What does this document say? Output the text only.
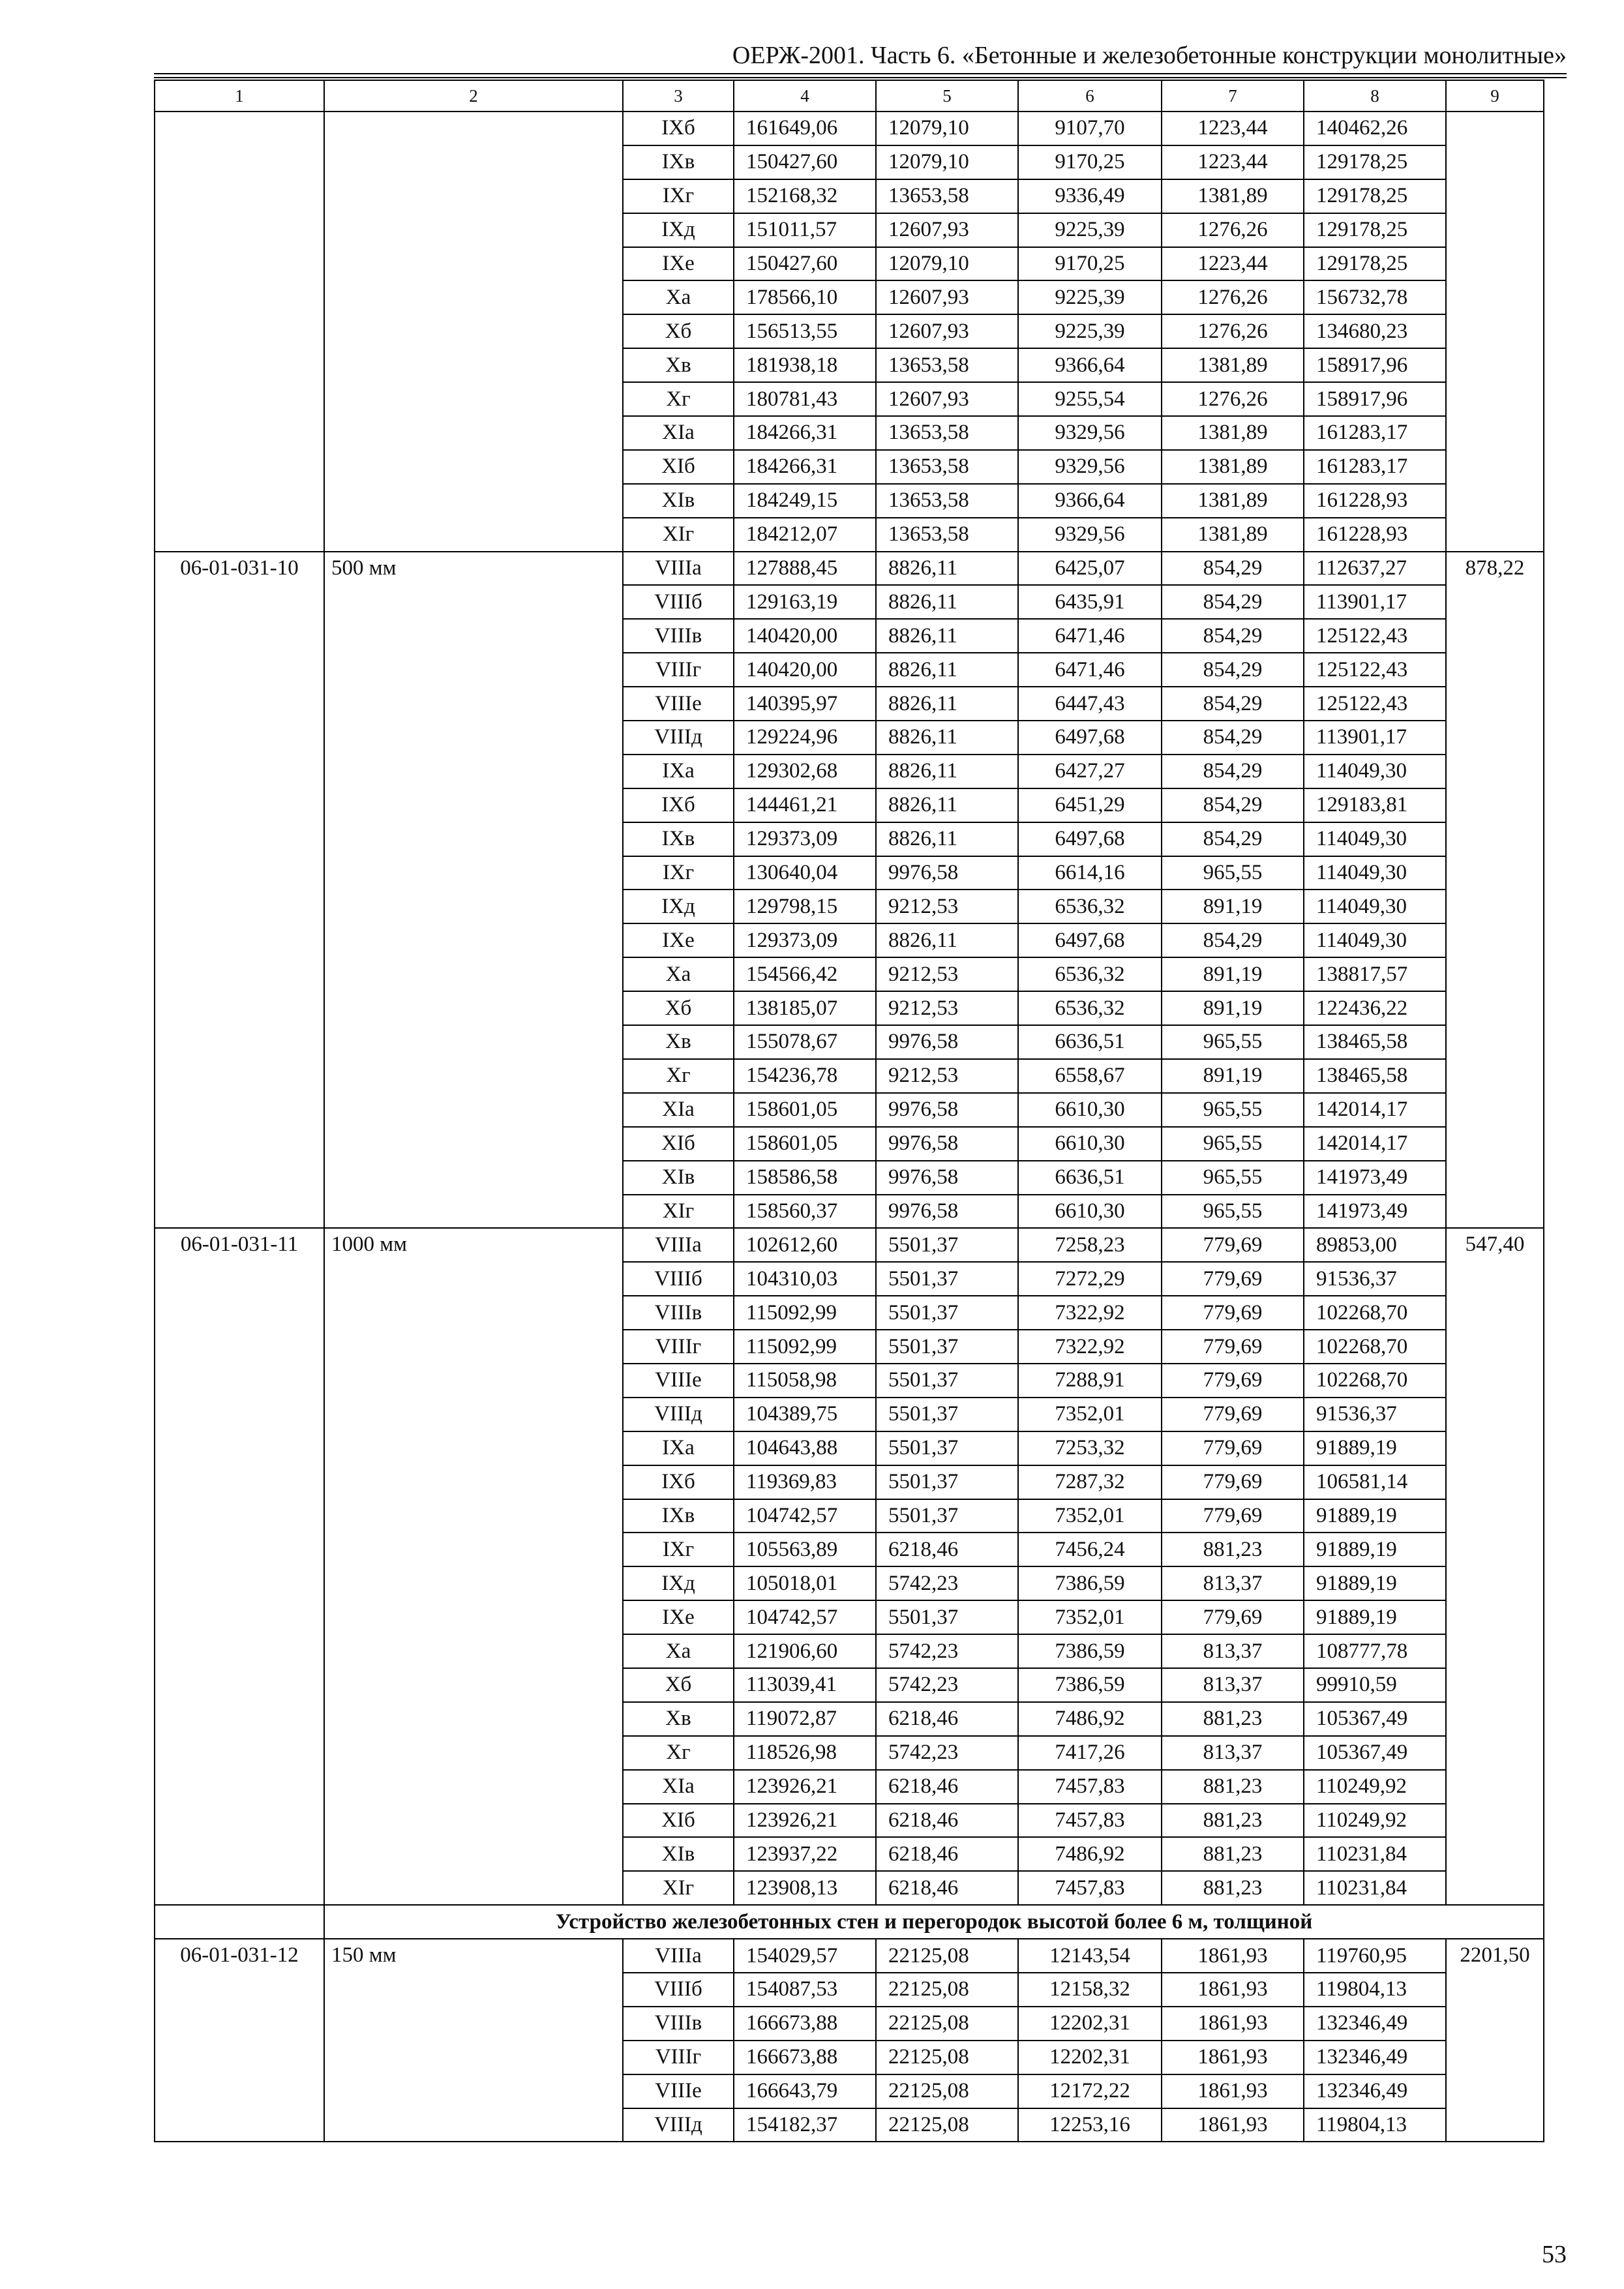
ОЕРЖ-2001. Часть 6. «Бетонные и железобетонные конструкции монолитные»
1	2	3	4	5	6	7	8	9
		IXб	161649,06	12079,10	9107,70	1223,44	140462,26	
		IXв	150427,60	12079,10	9170,25	1223,44	129178,25	
		IXг	152168,32	13653,58	9336,49	1381,89	129178,25	
		IXд	151011,57	12607,93	9225,39	1276,26	129178,25	
		IXе	150427,60	12079,10	9170,25	1223,44	129178,25	
		Xа	178566,10	12607,93	9225,39	1276,26	156732,78	
		Xб	156513,55	12607,93	9225,39	1276,26	134680,23	
		Xв	181938,18	13653,58	9366,64	1381,89	158917,96	
		Xг	180781,43	12607,93	9255,54	1276,26	158917,96	
		XIа	184266,31	13653,58	9329,56	1381,89	161283,17	
		XIб	184266,31	13653,58	9329,56	1381,89	161283,17	
		XIв	184249,15	13653,58	9366,64	1381,89	161228,93	
		XIг	184212,07	13653,58	9329,56	1381,89	161228,93	
06-01-031-10	500 мм	VIIIа	127888,45	8826,11	6425,07	854,29	112637,27	878,22
		VIIIб	129163,19	8826,11	6435,91	854,29	113901,17	
		VIIIв	140420,00	8826,11	6471,46	854,29	125122,43	
		VIIIг	140420,00	8826,11	6471,46	854,29	125122,43	
		VIIIе	140395,97	8826,11	6447,43	854,29	125122,43	
		VIIIд	129224,96	8826,11	6497,68	854,29	113901,17	
		IXа	129302,68	8826,11	6427,27	854,29	114049,30	
		IXб	144461,21	8826,11	6451,29	854,29	129183,81	
		IXв	129373,09	8826,11	6497,68	854,29	114049,30	
		IXг	130640,04	9976,58	6614,16	965,55	114049,30	
		IXд	129798,15	9212,53	6536,32	891,19	114049,30	
		IXе	129373,09	8826,11	6497,68	854,29	114049,30	
		Xа	154566,42	9212,53	6536,32	891,19	138817,57	
		Xб	138185,07	9212,53	6536,32	891,19	122436,22	
		Xв	155078,67	9976,58	6636,51	965,55	138465,58	
		Xг	154236,78	9212,53	6558,67	891,19	138465,58	
		XIа	158601,05	9976,58	6610,30	965,55	142014,17	
		XIб	158601,05	9976,58	6610,30	965,55	142014,17	
		XIв	158586,58	9976,58	6636,51	965,55	141973,49	
		XIг	158560,37	9976,58	6610,30	965,55	141973,49	
06-01-031-11	1000 мм	VIIIа	102612,60	5501,37	7258,23	779,69	89853,00	547,40
		VIIIб	104310,03	5501,37	7272,29	779,69	91536,37	
		VIIIв	115092,99	5501,37	7322,92	779,69	102268,70	
		VIIIг	115092,99	5501,37	7322,92	779,69	102268,70	
		VIIIе	115058,98	5501,37	7288,91	779,69	102268,70	
		VIIIд	104389,75	5501,37	7352,01	779,69	91536,37	
		IXа	104643,88	5501,37	7253,32	779,69	91889,19	
		IXб	119369,83	5501,37	7287,32	779,69	106581,14	
		IXв	104742,57	5501,37	7352,01	779,69	91889,19	
		IXг	105563,89	6218,46	7456,24	881,23	91889,19	
		IXд	105018,01	5742,23	7386,59	813,37	91889,19	
		IXе	104742,57	5501,37	7352,01	779,69	91889,19	
		Xа	121906,60	5742,23	7386,59	813,37	108777,78	
		Xб	113039,41	5742,23	7386,59	813,37	99910,59	
		Xв	119072,87	6218,46	7486,92	881,23	105367,49	
		Xг	118526,98	5742,23	7417,26	813,37	105367,49	
		XIа	123926,21	6218,46	7457,83	881,23	110249,92	
		XIб	123926,21	6218,46	7457,83	881,23	110249,92	
		XIв	123937,22	6218,46	7486,92	881,23	110231,84	
		XIг	123908,13	6218,46	7457,83	881,23	110231,84	
	Устройство железобетонных стен и перегородок высотой более 6 м, толщиной							
06-01-031-12	150 мм	VIIIа	154029,57	22125,08	12143,54	1861,93	119760,95	2201,50
		VIIIб	154087,53	22125,08	12158,32	1861,93	119804,13	
		VIIIв	166673,88	22125,08	12202,31	1861,93	132346,49	
		VIIIг	166673,88	22125,08	12202,31	1861,93	132346,49	
		VIIIе	166643,79	22125,08	12172,22	1861,93	132346,49	
		VIIIд	154182,37	22125,08	12253,16	1861,93	119804,13	
53
